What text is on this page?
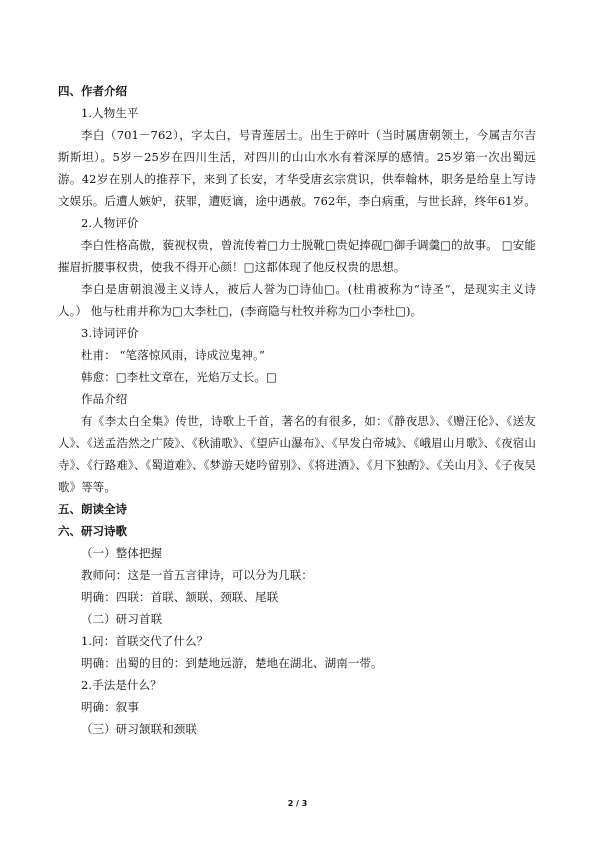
四、作者介绍

1.人物生平

李白（701－762），字太白，号青莲居士。出生于碎叶（当时属唐朝领土，今属吉尔吉斯斯坦）。5岁－25岁在四川生活，对四川的山山水水有着深厚的感情。25岁第一次出蜀远游。42岁在别人的推荐下，来到了长安，才华受唐玄宗赏识，供奉翰林，职务是给皇上写诗文娱乐。后遭人嫉妒，获罪，遭贬谪，途中遇赦。762年，李白病重，与世长辞，终年61岁。

2.人物评价

李白性格高傲，藐视权贵，曾流传着□力士脱靴□贵妃捧砚□御手调羹□的故事。 □安能摧眉折腰事权贵，使我不得开心颜！□这都体现了他反权贵的思想。

李白是唐朝浪漫主义诗人，被后人誉为□诗仙□。(杜甫被称为“诗圣”，是现实主义诗人。） 他与杜甫并称为□大李杜□，(李商隐与杜牧并称为□小李杜□)。

3.诗词评价

杜甫： “笔落惊风雨，诗成泣鬼神。”

韩愈：□李杜文章在，光焰万丈长。□

作品介绍

有《李太白全集》传世，诗歌上千首，著名的有很多，如：《静夜思》、《赠汪伦》、《送友人》、《送孟浩然之广陵》、《秋浦歌》、《望庐山瀑布》、《早发白帝城》、《峨眉山月歌》、《夜宿山寺》、《行路难》、《蜀道难》、《梦游天姥吟留别》、《将进酒》、《月下独酌》、《关山月》、《子夜吴歌》等等。

五、朗读全诗

六、研习诗歌

（一）整体把握

教师问：这是一首五言律诗，可以分为几联：

明确：四联：首联、颔联、颈联、尾联

（二）研习首联

1.问：首联交代了什么？

明确：出蜀的目的：到楚地远游，楚地在湖北、湖南一带。

2.手法是什么？

明确：叙事

（三）研习颔联和颈联

2 / 3
